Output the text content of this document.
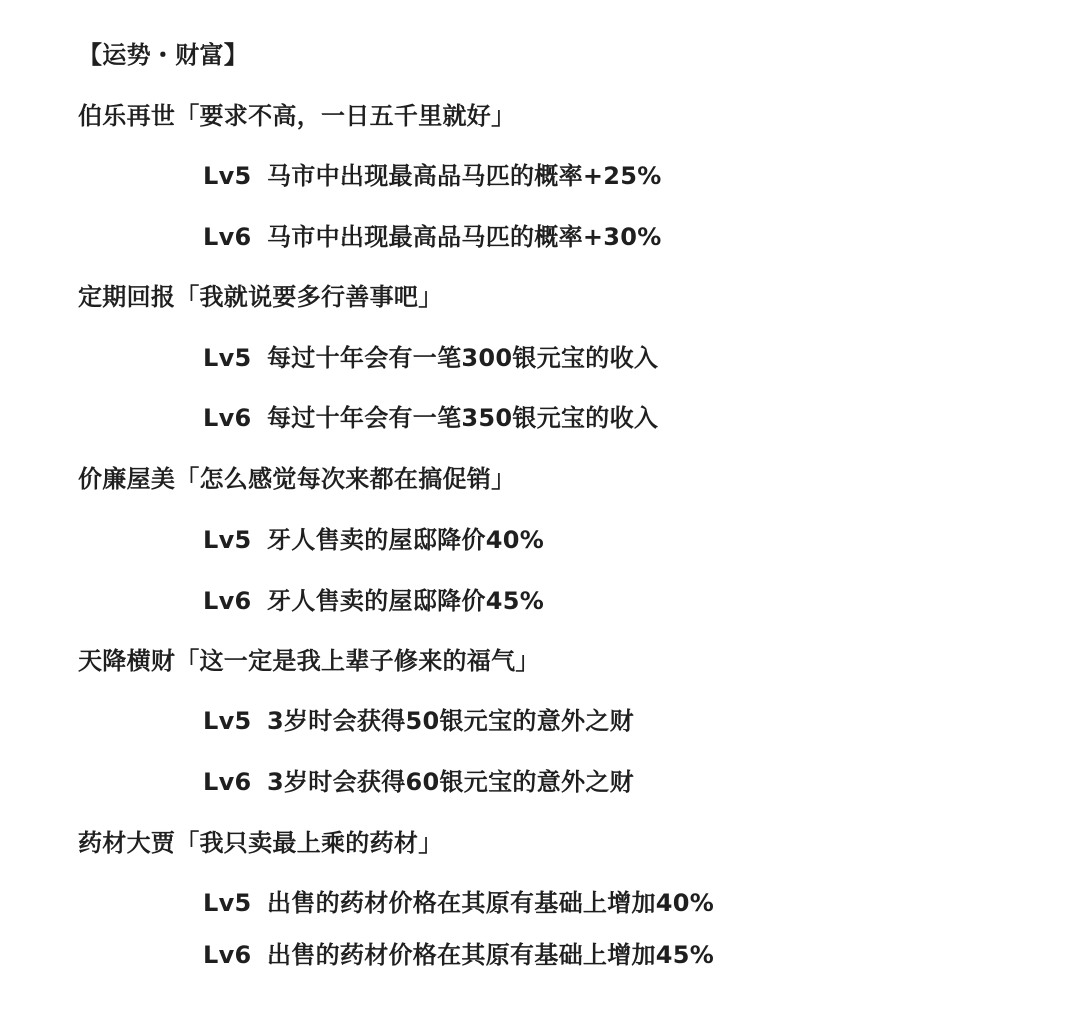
【运势・财富】
伯乐再世「要求不高，一日五千里就好」
Lv5 马市中出现最高品马匹的概率+25%
Lv6 马市中出现最高品马匹的概率+30%
定期回报「我就说要多行善事吧」
Lv5 每过十年会有一笔300银元宝的收入
Lv6 每过十年会有一笔350银元宝的收入
价廉屋美「怎么感觉每次来都在搞促销」
Lv5 牙人售卖的屋邸降价40%
Lv6 牙人售卖的屋邸降价45%
天降横财「这一定是我上辈子修来的福气」
Lv5 3岁时会获得50银元宝的意外之财
Lv6 3岁时会获得60银元宝的意外之财
药材大贾「我只卖最上乘的药材」
Lv5 出售的药材价格在其原有基础上增加40%
Lv6 出售的药材价格在其原有基础上增加45%
